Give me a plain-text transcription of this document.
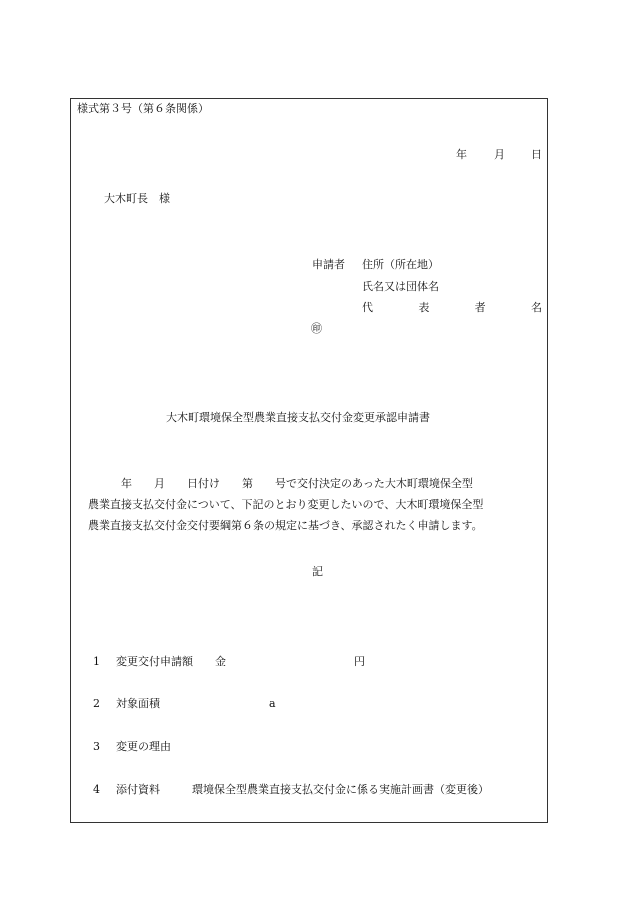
様式第３号（第６条関係）
年 月 日
大木町長　様
申請者 住所（所在地）
氏名又は団体名
代	表	者	名
㊞
大木町環境保全型農業直接支払交付金変更承認申請書
　　　年　　月　　日付け　　第　　号で交付決定のあった大木町環境保全型
農業直接支払交付金について、下記のとおり変更したいので、大木町環境保全型
農業直接支払交付金交付要綱第６条の規定に基づき、承認されたく申請します。
記
1 変更交付申請額 金	円
2 対象面積	a
3 変更の理由
4 添付資料	環境保全型農業直接支払交付金に係る実施計画書（変更後）
